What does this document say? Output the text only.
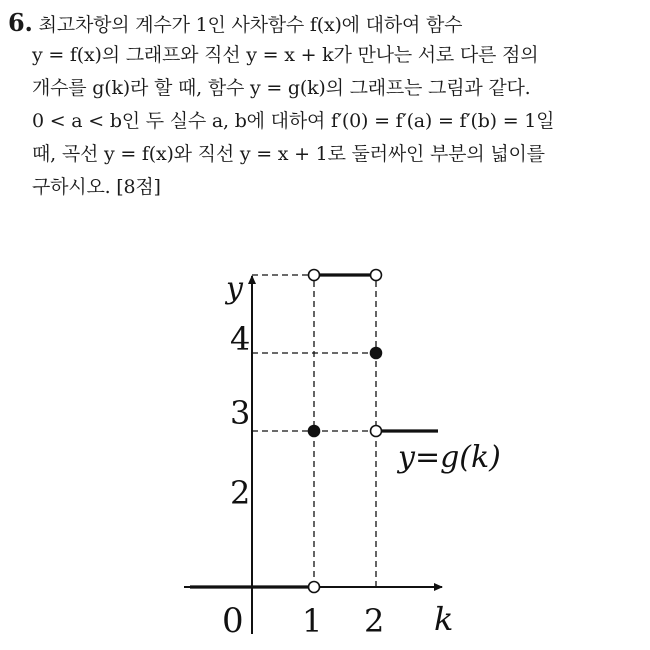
6. 최고차항의 계수가 1인 사차함수 f(x)에 대하여 함수
y = f(x)의 그래프와 직선 y = x + k가 만나는 서로 다른 점의
개수를 g(k)라 할 때, 함수 y = g(k)의 그래프는 그림과 같다.
0 < a < b인 두 실수 a, b에 대하여 f′(0) = f′(a) = f′(b) = 1일
때, 곡선 y = f(x)와 직선 y = x + 1로 둘러싸인 부분의 넓이를
구하시오. [8점]
y
k
0
y=g(k)
1 2
2
3
4
